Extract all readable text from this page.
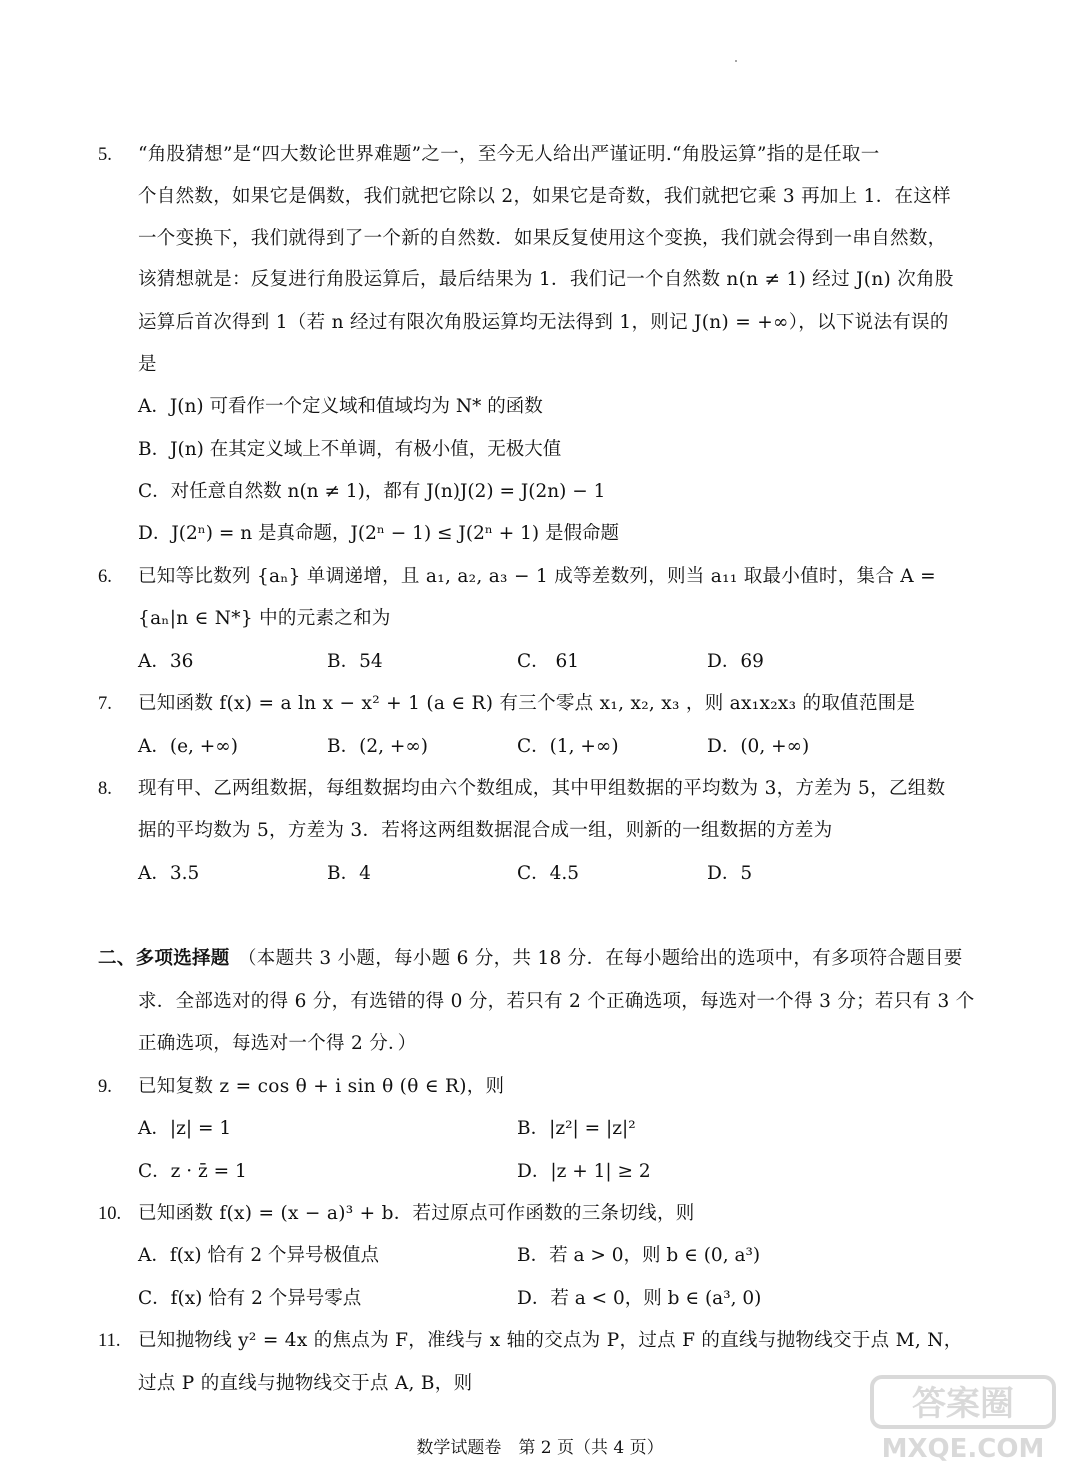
5. “角股猜想”是“四大数论世界难题”之一，至今无人给出严谨证明.“角股运算”指的是任取一
个自然数，如果它是偶数，我们就把它除以 2，如果它是奇数，我们就把它乘 3 再加上 1．在这样
一个变换下，我们就得到了一个新的自然数．如果反复使用这个变换，我们就会得到一串自然数，
该猜想就是：反复进行角股运算后，最后结果为 1．我们记一个自然数 n(n ≠ 1) 经过 J(n) 次角股
运算后首次得到 1（若 n 经过有限次角股运算均无法得到 1，则记 J(n) = +∞），以下说法有误的
是
A．J(n) 可看作一个定义域和值域均为 N* 的函数
B．J(n) 在其定义域上不单调，有极小值，无极大值
C．对任意自然数 n(n ≠ 1)，都有 J(n)J(2) = J(2n) − 1
D．J(2ⁿ) = n 是真命题，J(2ⁿ − 1) ≤ J(2ⁿ + 1) 是假命题
6. 已知等比数列 {aₙ} 单调递增，且 a₁, a₂, a₃ − 1 成等差数列，则当 a₁₁ 取最小值时，集合 A =
{aₙ|n ∈ N*} 中的元素之和为
A．36	B．54	C． 61	D．69
7. 已知函数 f(x) = a ln x − x² + 1 (a ∈ R) 有三个零点 x₁, x₂, x₃ ，则 ax₁x₂x₃ 的取值范围是
A．(e, +∞)	B．(2, +∞)	C．(1, +∞)	D．(0, +∞)
8. 现有甲、乙两组数据，每组数据均由六个数组成，其中甲组数据的平均数为 3，方差为 5，乙组数
据的平均数为 5，方差为 3．若将这两组数据混合成一组，则新的一组数据的方差为
A．3.5	B．4	C．4.5	D．5
二、多项选择题 （本题共 3 小题，每小题 6 分，共 18 分．在每小题给出的选项中，有多项符合题目要
求．全部选对的得 6 分，有选错的得 0 分，若只有 2 个正确选项，每选对一个得 3 分；若只有 3 个
正确选项，每选对一个得 2 分．）
9. 已知复数 z = cos θ + i sin θ (θ ∈ R)，则
A．|z| = 1	B．|z²| = |z|²
C．z · z̄ = 1	D．|z + 1| ≥ 2
10. 已知函数 f(x) = (x − a)³ + b．若过原点可作函数的三条切线，则
A．f(x) 恰有 2 个异号极值点	B．若 a > 0，则 b ∈ (0, a³)
C．f(x) 恰有 2 个异号零点	D．若 a < 0，则 b ∈ (a³, 0)
11. 已知抛物线 y² = 4x 的焦点为 F，准线与 x 轴的交点为 P，过点 F 的直线与抛物线交于点 M, N，
过点 P 的直线与抛物线交于点 A, B，则
数学试题卷　第 2 页（共 4 页）
答案圈
MXQE.COM
